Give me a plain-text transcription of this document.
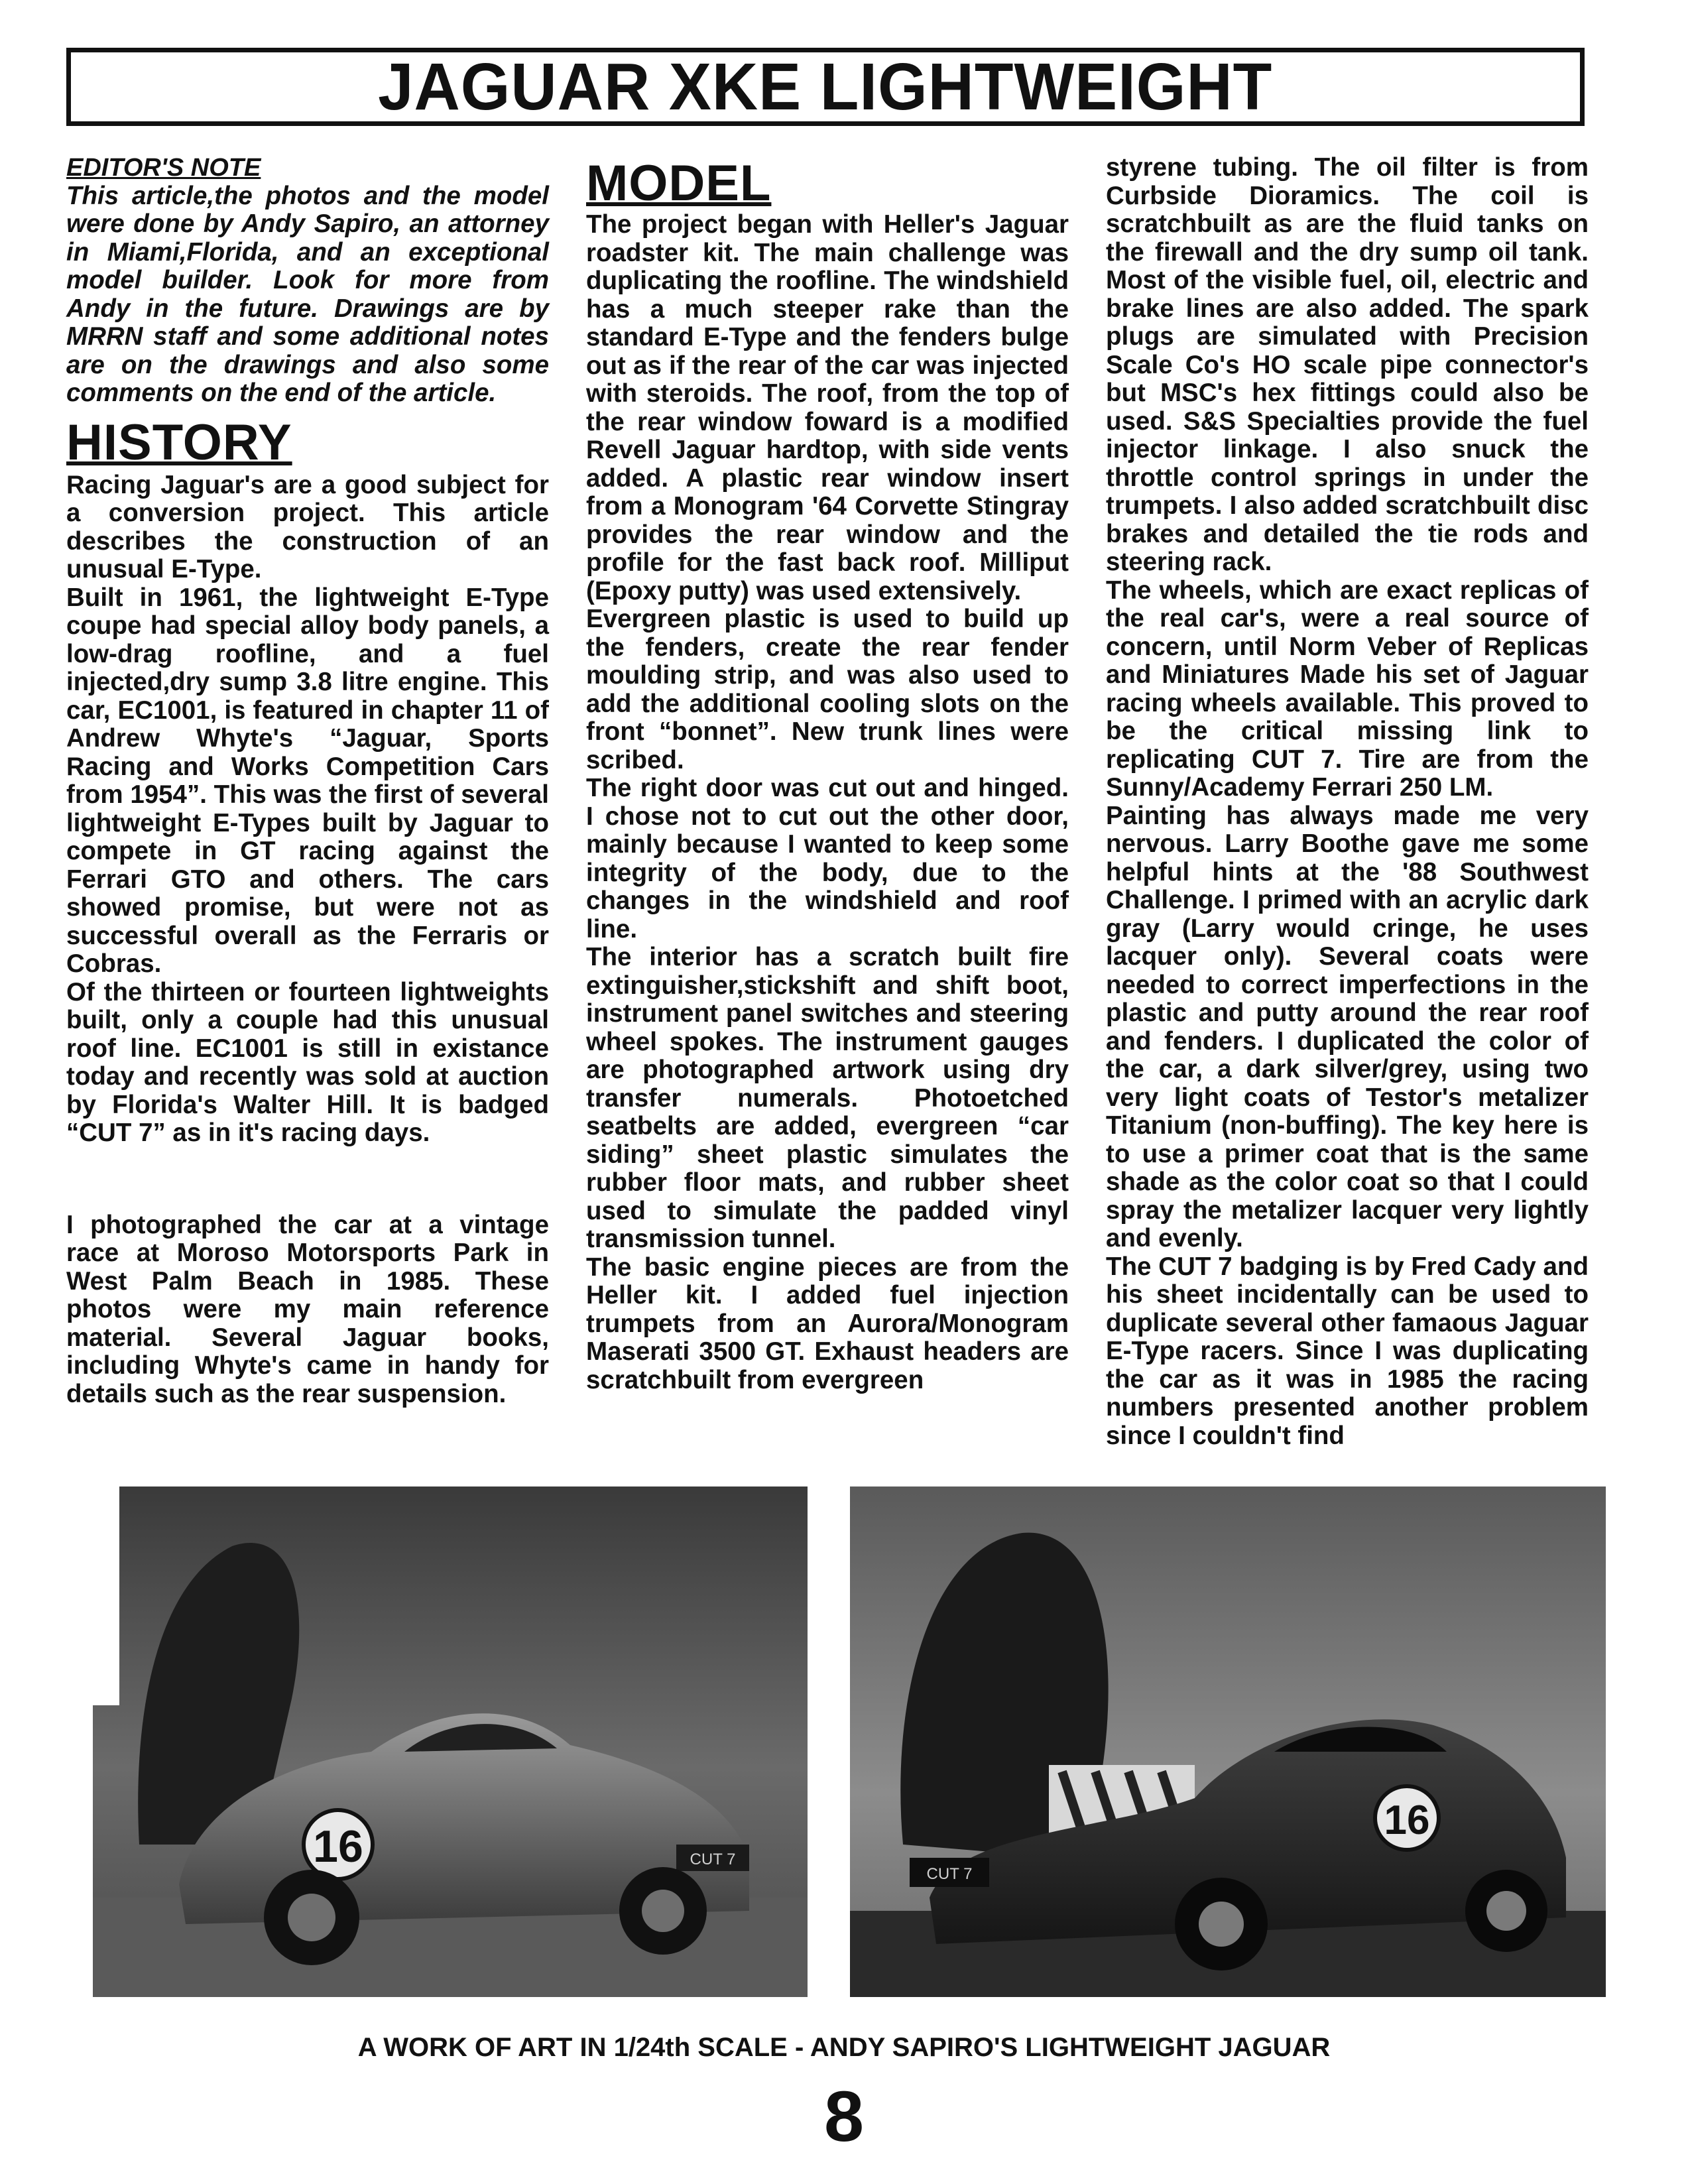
JAGUAR XKE LIGHTWEIGHT

EDITOR'S NOTE

This article,the photos and the model were done by Andy Sapiro, an attorney in Miami,Florida, and an exceptional model builder. Look for more from Andy in the future. Drawings are by MRRN staff and some additional notes are on the drawings and also some comments on the end of the article.

HISTORY

Racing Jaguar's are a good subject for a conversion project. This article describes the construction of an unusual E-Type.

Built in 1961, the lightweight E-Type coupe had special alloy body panels, a low-drag roofline, and a fuel injected,dry sump 3.8 litre engine. This car, EC1001, is featured in chapter 11 of Andrew Whyte's “Jaguar, Sports Racing and Works Competition Cars from 1954”. This was the first of several lightweight E-Types built by Jaguar to compete in GT racing against the Ferrari GTO and others. The cars showed promise, but were not as successful overall as the Ferraris or Cobras.

Of the thirteen or fourteen lightweights built, only a couple had this unusual roof line. EC1001 is still in existance today and recently was sold at auction by Florida's Walter Hill. It is badged “CUT 7” as in it's racing days.

I photographed the car at a vintage race at Moroso Motorsports Park in West Palm Beach in 1985. These photos were my main reference material. Several Jaguar books, including Whyte's came in handy for details such as the rear suspension.

MODEL

The project began with Heller's Jaguar roadster kit. The main challenge was duplicating the roofline. The windshield has a much steeper rake than the standard E-Type and the fenders bulge out as if the rear of the car was injected with steroids. The roof, from the top of the rear window foward is a modified Revell Jaguar hardtop, with side vents added. A plastic rear window insert from a Monogram '64 Corvette Stingray provides the rear window and the profile for the fast back roof. Milliput (Epoxy putty) was used extensively.

Evergreen plastic is used to build up the fenders, create the rear fender moulding strip, and was also used to add the additional cooling slots on the front “bonnet”. New trunk lines were scribed.

The right door was cut out and hinged. I chose not to cut out the other door, mainly because I wanted to keep some integrity of the body, due to the changes in the windshield and roof line.

The interior has a scratch built fire extinguisher,stickshift and shift boot, instrument panel switches and steering wheel spokes. The instrument gauges are photographed artwork using dry transfer numerals. Photoetched seatbelts are added, evergreen “car siding” sheet plastic simulates the rubber floor mats, and rubber sheet used to simulate the padded vinyl transmission tunnel.

The basic engine pieces are from the Heller kit. I added fuel injection trumpets from an Aurora/Monogram Maserati 3500 GT. Exhaust headers are scratchbuilt from evergreen

styrene tubing. The oil filter is from Curbside Dioramics. The coil is scratchbuilt as are the fluid tanks on the firewall and the dry sump oil tank. Most of the visible fuel, oil, electric and brake lines are also added. The spark plugs are simulated with Precision Scale Co's HO scale pipe connector's but MSC's hex fittings could also be used. S&S Specialties provide the fuel injector linkage. I also snuck the throttle control springs in under the trumpets. I also added scratchbuilt disc brakes and detailed the tie rods and steering rack.

The wheels, which are exact replicas of the real car's, were a real source of concern, until Norm Veber of Replicas and Miniatures Made his set of Jaguar racing wheels available. This proved to be the critical missing link to replicating CUT 7. Tire are from the Sunny/Academy Ferrari 250 LM.

Painting has always made me very nervous. Larry Boothe gave me some helpful hints at the '88 Southwest Challenge. I primed with an acrylic dark gray (Larry would cringe, he uses lacquer only). Several coats were needed to correct imperfections in the plastic and putty around the rear roof and fenders. I duplicated the color of the car, a dark silver/grey, using two very light coats of Testor's metalizer Titanium (non-buffing). The key here is to use a primer coat that is the same shade as the color coat so that I could spray the metalizer lacquer very lightly and evenly.

The CUT 7 badging is by Fred Cady and his sheet incidentally can be used to duplicate several other famaous Jaguar E-Type racers. Since I was duplicating the car as it was in 1985 the racing numbers presented another problem since I couldn't find

16	CUT 7
16
CUT 7
A WORK OF ART IN 1/24th SCALE - ANDY SAPIRO'S LIGHTWEIGHT JAGUAR
8
